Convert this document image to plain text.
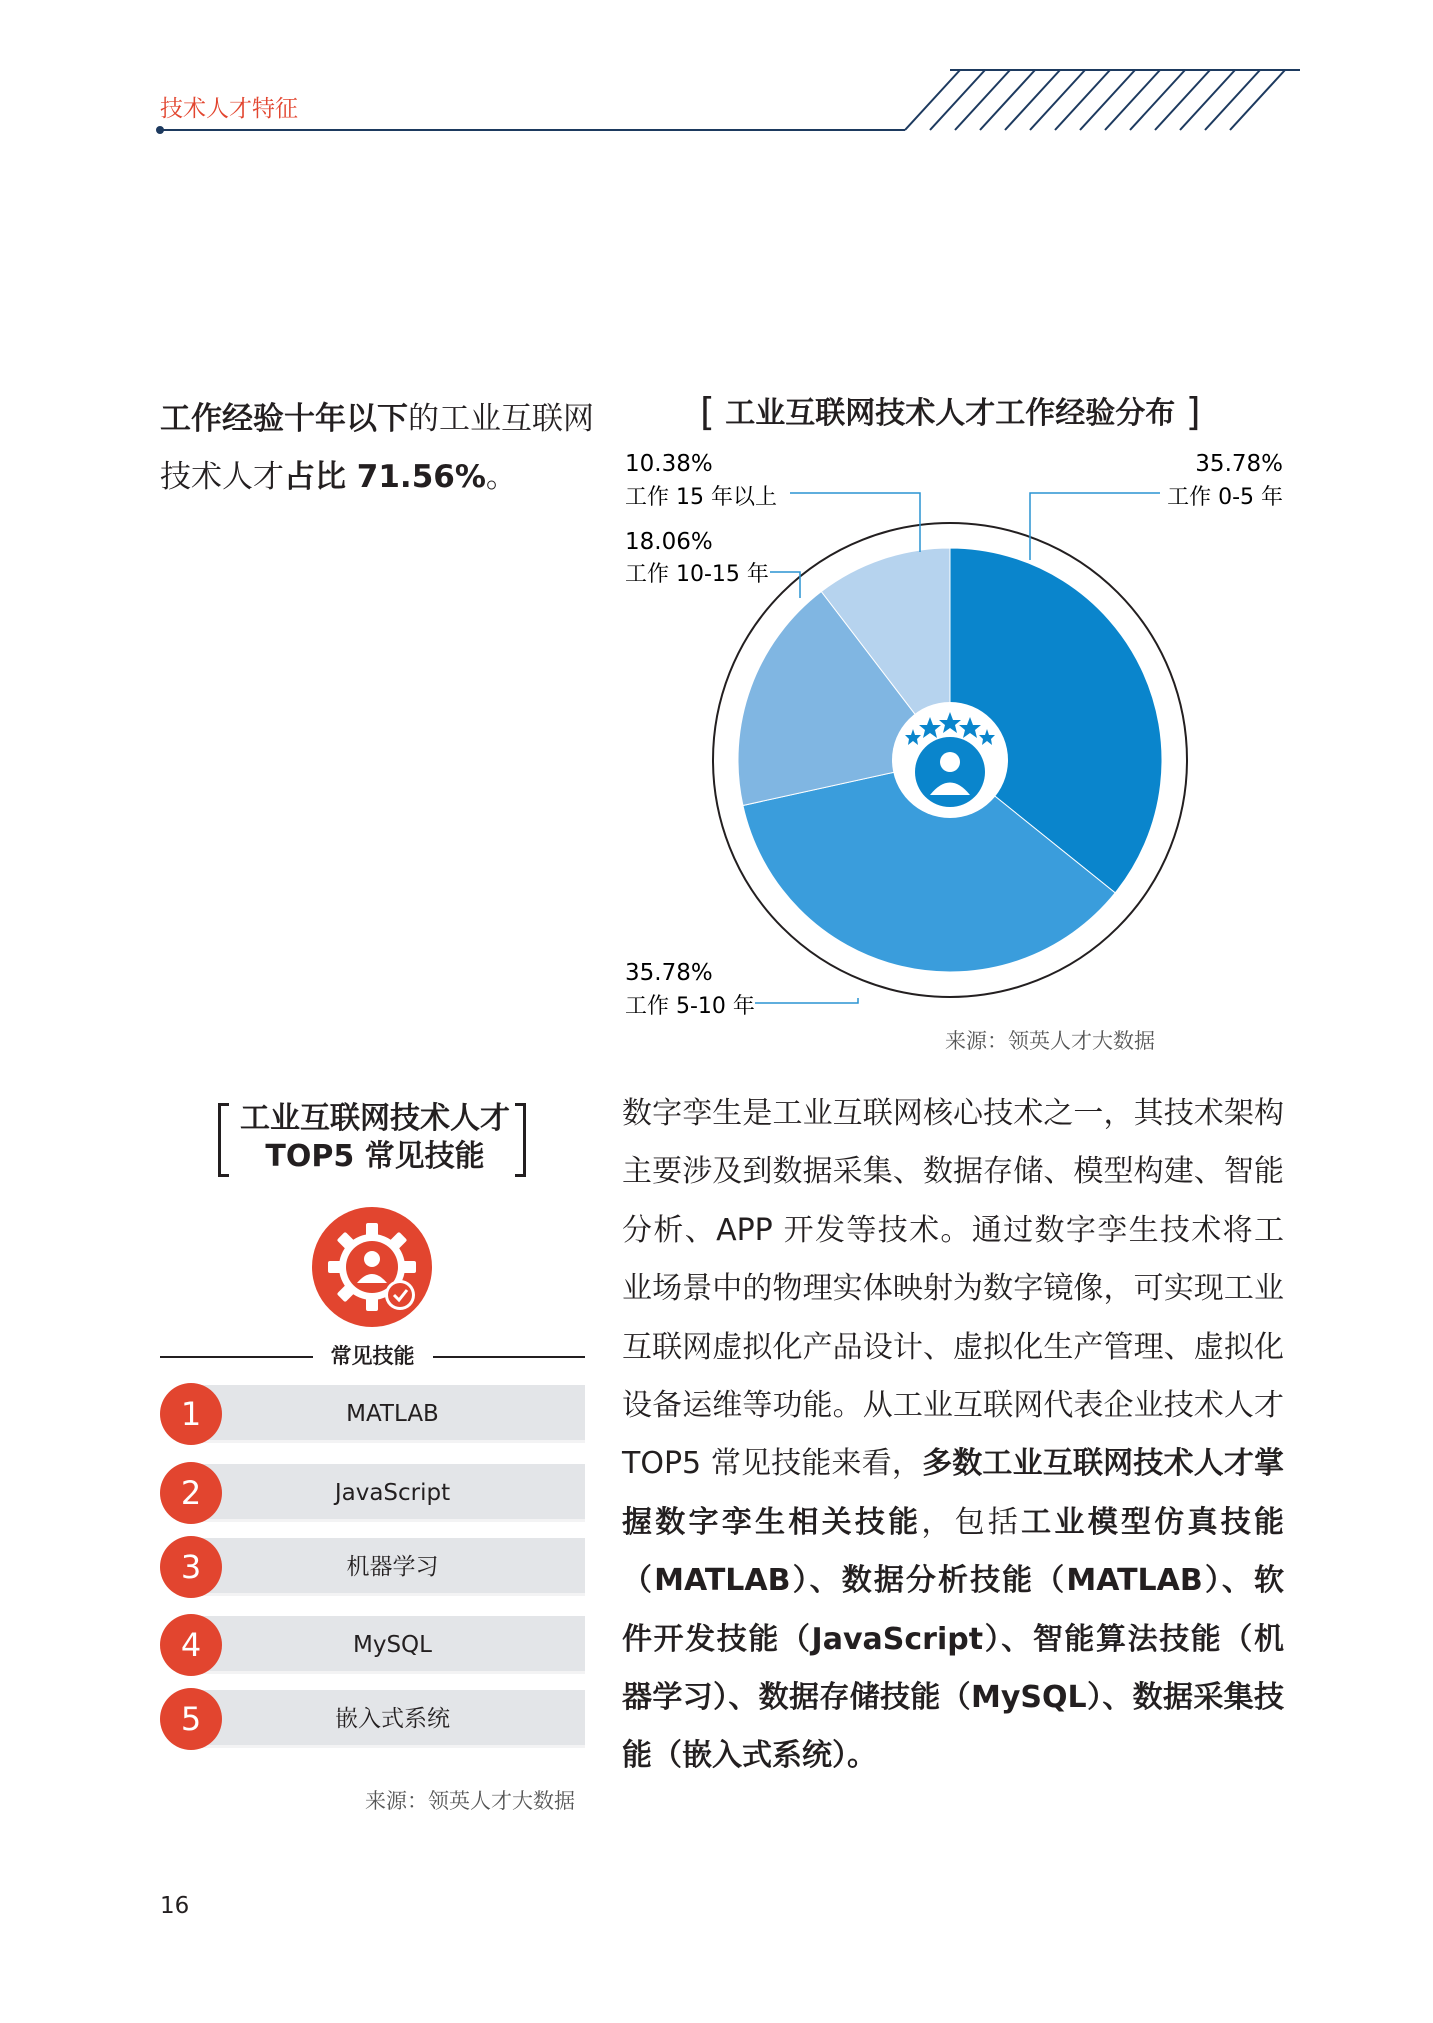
技术人才特征
工作经验十年以下的工业互联网技术人才占比 71.56%。
[ 工业互联网技术人才工作经验分布 ]
35.78%
工作 0-5 年
35.78%
工作 5-10 年
18.06%
工作 10-15 年
10.38%
工作 15 年以上
来源：领英人才大数据
工业互联网技术人才
TOP5 常见技能
常见技能
MATLAB
1
JavaScript
2
机器学习
3
MySQL
4
嵌入式系统
5
来源：领英人才大数据
数字孪生是工业互联网核心技术之一，其技术架构主要涉及到数据采集、数据存储、模型构建、智能分析、APP 开发等技术。通过数字孪生技术将工业场景中的物理实体映射为数字镜像，可实现工业互联网虚拟化产品设计、虚拟化生产管理、虚拟化设备运维等功能。从工业互联网代表企业技术人才 TOP5 常见技能来看，多数工业互联网技术人才掌握数字孪生相关技能，包括工业模型仿真技能（MATLAB）、数据分析技能（MATLAB）、软件开发技能（JavaScript）、智能算法技能（机器学习）、数据存储技能（MySQL）、数据采集技能（嵌入式系统）。
16
